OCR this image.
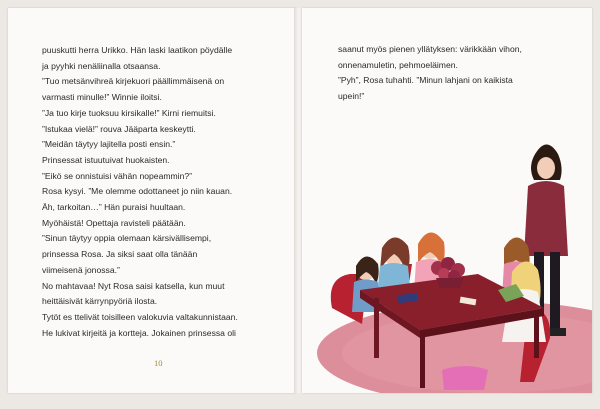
puuskutti herra Urikko. Hän laski laatikon pöydälle
ja pyyhki nenäliinalla otsaansa.
”Tuo metsänvihreä kirjekuori päällimmäisenä on
varmasti minulle!” Winnie iloitsi.
”Ja tuo kirje tuoksuu kirsikalle!” Kirni riemuitsi.
”Istukaa vielä!” rouva Jääparta keskeytti.
”Meidän täytyy lajitella posti ensin.”
Prinsessat istuutuivat huokaisten.
”Eikö se onnistuisi vähän nopeammin?”
Rosa kysyi. ”Me olemme odottaneet jo niin kauan.
Äh, tarkoitan…” Hän puraisi huultaan.
Myöhäistä! Opettaja ravisteli päätään.
”Sinun täytyy oppia olemaan kärsivällisempi,
prinsessa Rosa. Ja siksi saat olla tänään
viimeisenä jonossa.”
No mahtavaa! Nyt Rosa saisi katsella, kun muut
heittäisivät kärrynpyöriä ilosta.
Tytöt es ttelivät toisilleen valokuvia valtakunnistaan.
He lukivat kirjeitä ja kortteja. Jokainen prinsessa oli
10
saanut myös pienen yllätyksen: värikkään vihon,
onnenamuletin, pehmoeläimen.
”Pyh”, Rosa tuhahti. ”Minun lahjani on kaikista
upein!”
